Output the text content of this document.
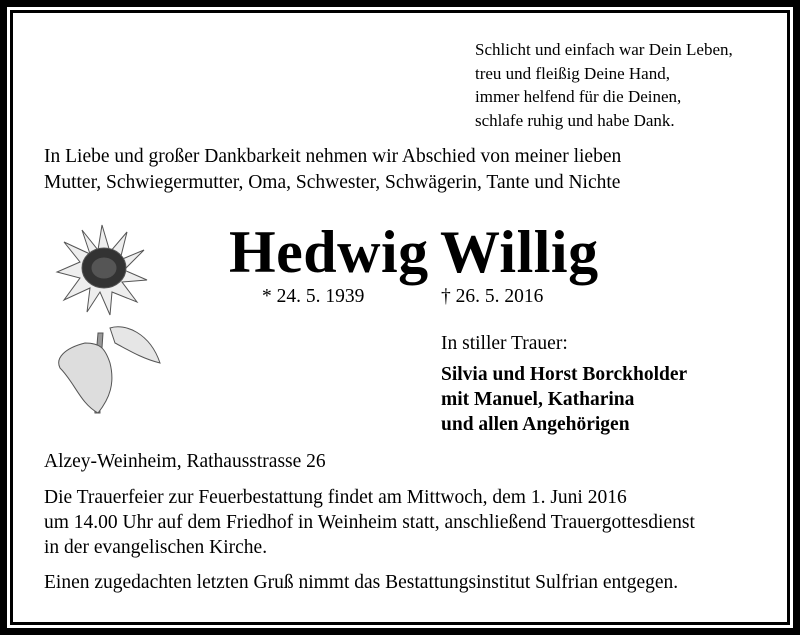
Schlicht und einfach war Dein Leben,
treu und fleißig Deine Hand,
immer helfend für die Deinen,
schlafe ruhig und habe Dank.
In Liebe und großer Dankbarkeit nehmen wir Abschied von meiner lieben
Mutter, Schwiegermutter, Oma, Schwester, Schwägerin, Tante und Nichte
Hedwig Willig
* 24. 5. 1939	† 26. 5. 2016
In stiller Trauer:
Silvia und Horst Borckholder
mit Manuel, Katharina
und allen Angehörigen
Alzey-Weinheim, Rathausstrasse 26
Die Trauerfeier zur Feuerbestattung findet am Mittwoch, dem 1. Juni 2016
um 14.00 Uhr auf dem Friedhof in Weinheim statt, anschließend Trauergottesdienst
in der evangelischen Kirche.
Einen zugedachten letzten Gruß nimmt das Bestattungsinstitut Sulfrian entgegen.
